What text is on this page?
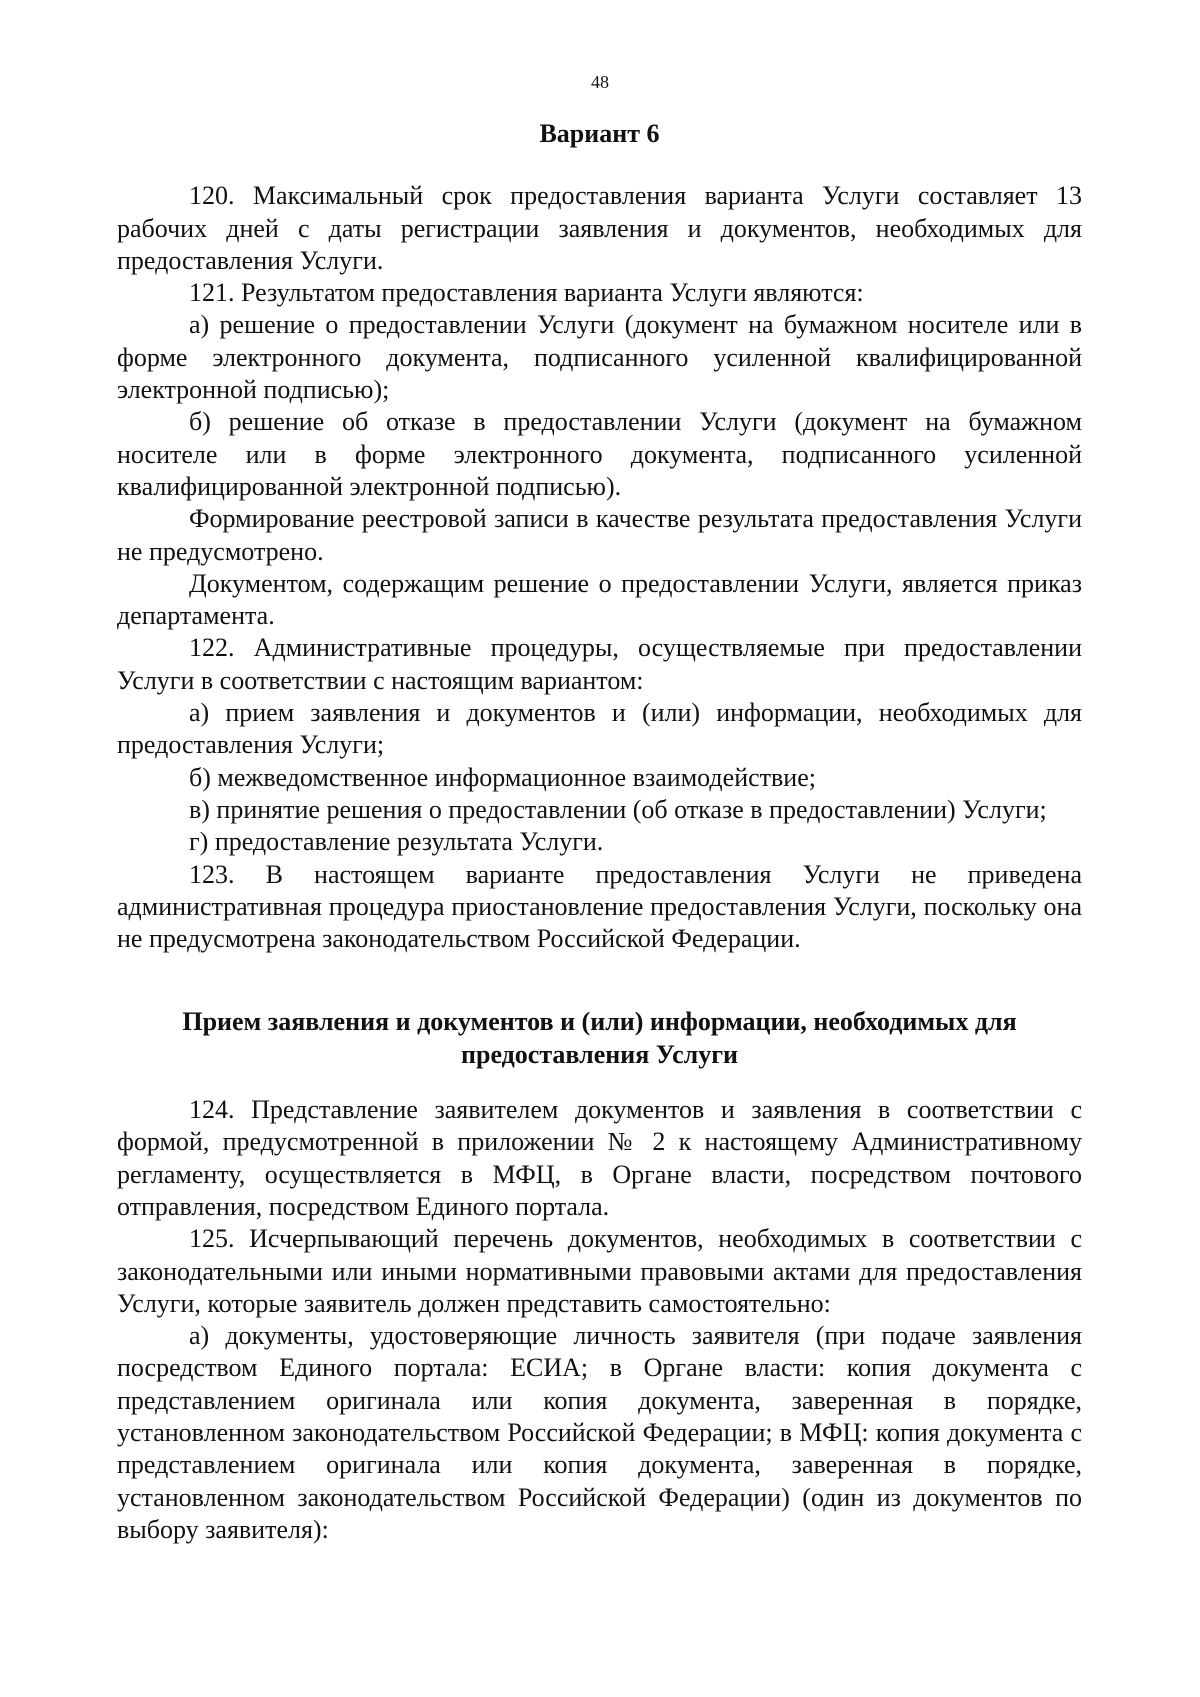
48
Вариант 6

120. Максимальный срок предоставления варианта Услуги составляет 13 рабочих дней с даты регистрации заявления и документов, необходимых для предоставления Услуги.

121. Результатом предоставления варианта Услуги являются:

а) решение о предоставлении Услуги (документ на бумажном носителе или в форме электронного документа, подписанного усиленной квалифицированной электронной подписью);

б) решение об отказе в предоставлении Услуги (документ на бумажном носителе или в форме электронного документа, подписанного усиленной квалифицированной электронной подписью).

Формирование реестровой записи в качестве результата предоставления Услуги не предусмотрено.

Документом, содержащим решение о предоставлении Услуги, является приказ департамента.

122. Административные процедуры, осуществляемые при предоставлении Услуги в соответствии с настоящим вариантом:

а) прием заявления и документов и (или) информации, необходимых для предоставления Услуги;

б) межведомственное информационное взаимодействие;

в) принятие решения о предоставлении (об отказе в предоставлении) Услуги;

г) предоставление результата Услуги.

123. В настоящем варианте предоставления Услуги не приведена административная процедура приостановление предоставления Услуги, поскольку она не предусмотрена законодательством Российской Федерации.

Прием заявления и документов и (или) информации, необходимых для
предоставления Услуги

124. Представление заявителем документов и заявления в соответствии с формой, предусмотренной в приложении № 2 к настоящему Административному регламенту, осуществляется в МФЦ, в Органе власти, посредством почтового отправления, посредством Единого портала.

125. Исчерпывающий перечень документов, необходимых в соответствии с законодательными или иными нормативными правовыми актами для предоставления Услуги, которые заявитель должен представить самостоятельно:

а) документы, удостоверяющие личность заявителя (при подаче заявления посредством Единого портала: ЕСИА; в Органе власти: копия документа с представлением оригинала или копия документа, заверенная в порядке, установленном законодательством Российской Федерации; в МФЦ: копия документа с представлением оригинала или копия документа, заверенная в порядке, установленном законодательством Российской Федерации) (один из документов по выбору заявителя):
